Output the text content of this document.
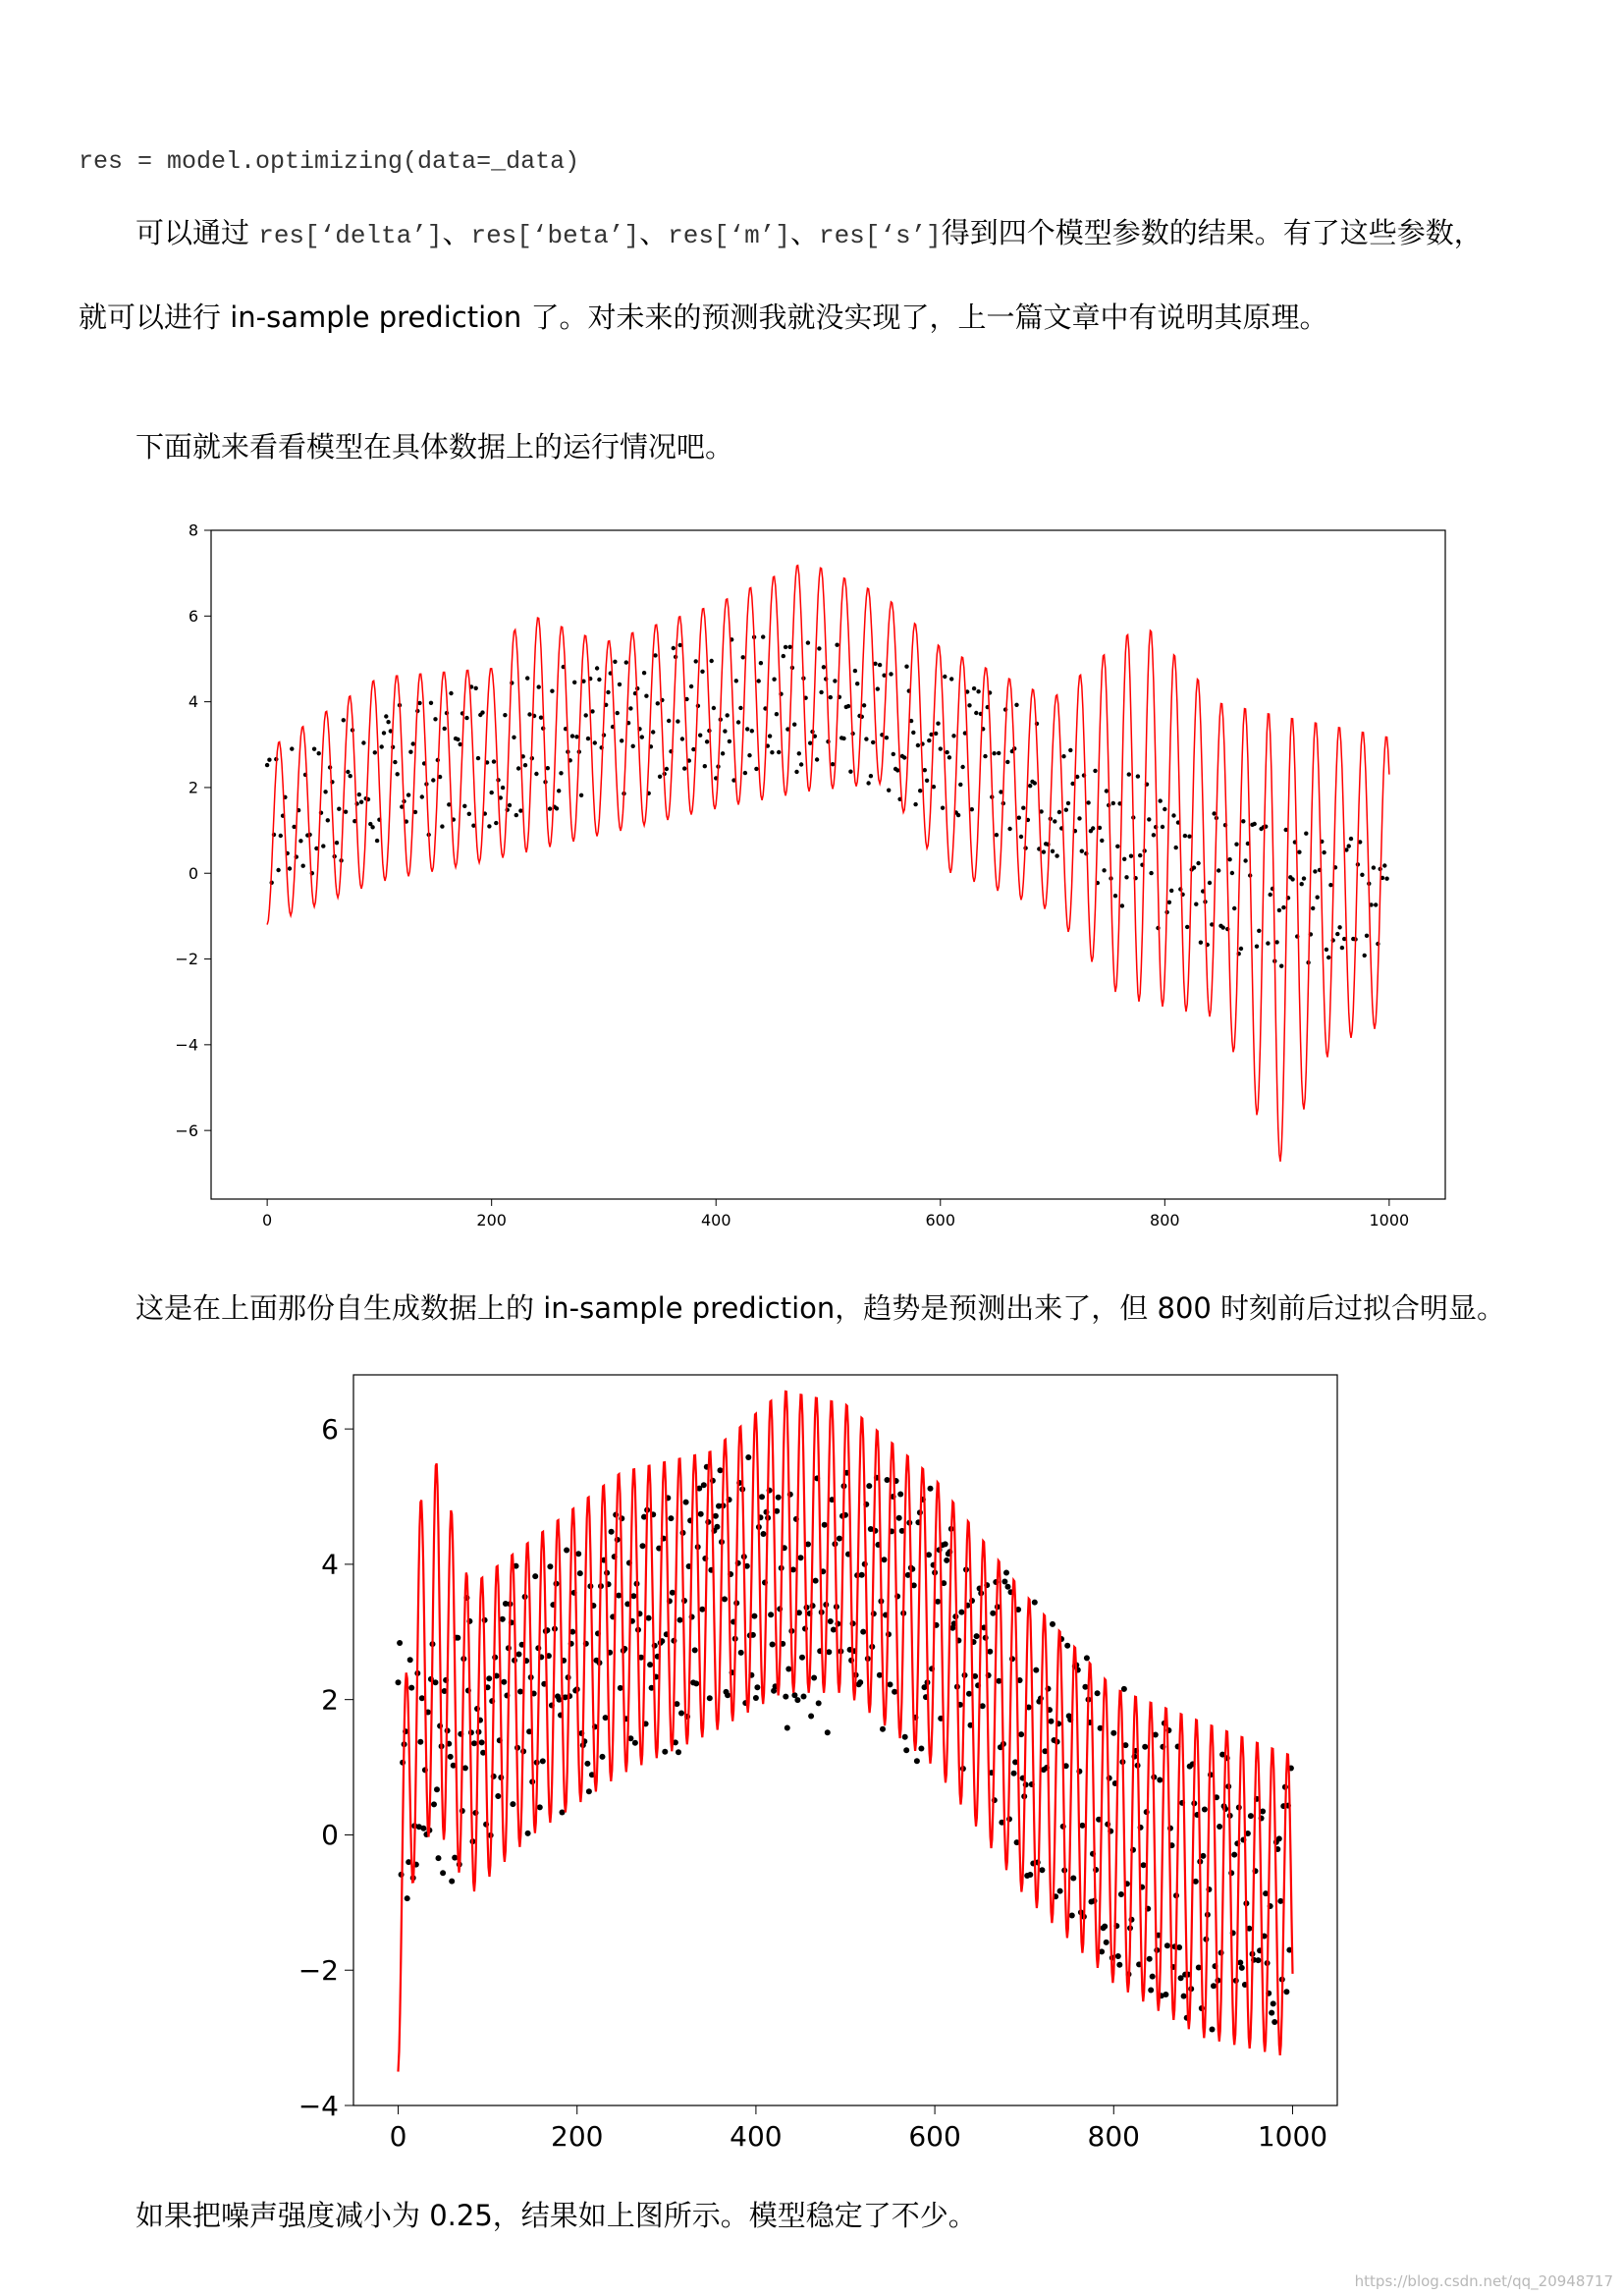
res = model.optimizing(data=_data)
可以通过 res[‘delta’]、res[‘beta’]、res[‘m’]、res[‘s’]得到四个模型参数的结果。有了这些参数，
就可以进行 in-sample prediction 了。对未来的预测我就没实现了，上一篇文章中有说明其原理。
下面就来看看模型在具体数据上的运行情况吧。
0	200	400	600	800	1000
8
6
4
2
0
−2
−4
−6
这是在上面那份自生成数据上的 in-sample prediction，趋势是预测出来了，但 800 时刻前后过拟合明显。
0	200	400	600	800	1000
6
4
2
0
−2
−4
如果把噪声强度减小为 0.25，结果如上图所示。模型稳定了不少。
https://blog.csdn.net/qq_20948717
